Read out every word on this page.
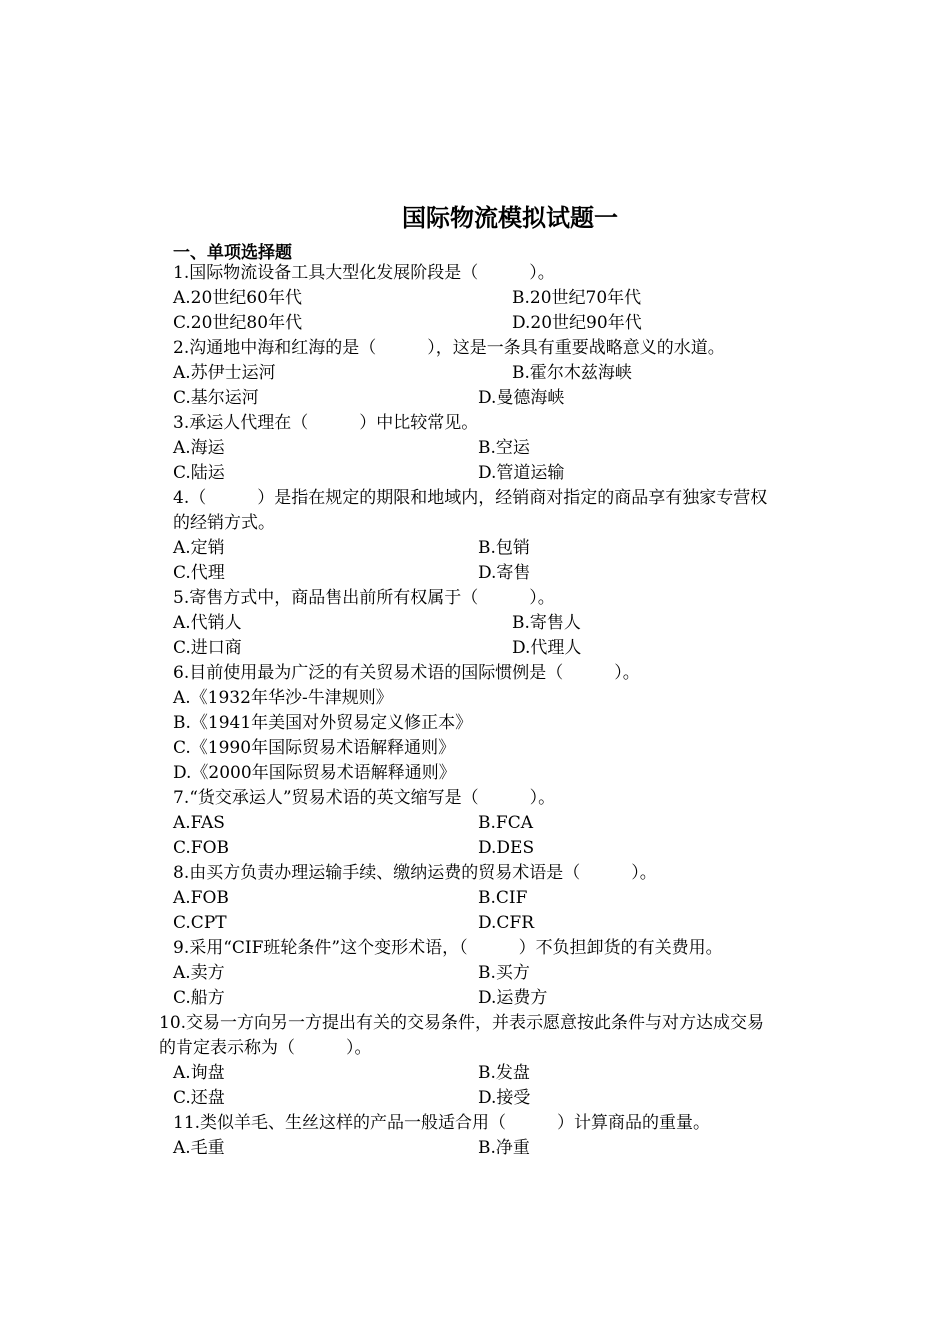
国际物流模拟试题一
一、单项选择题

1.国际物流设备工具大型化发展阶段是（　　　）。

A.20世纪60年代	B.20世纪70年代

C.20世纪80年代	D.20世纪90年代

2.沟通地中海和红海的是（　　　），这是一条具有重要战略意义的水道。

A.苏伊士运河	B.霍尔木兹海峡

C.基尔运河	D.曼德海峡

3.承运人代理在（　　　）中比较常见。

A.海运	B.空运

C.陆运	D.管道运输

4.（　　　）是指在规定的期限和地域内，经销商对指定的商品享有独家专营权

的经销方式。

A.定销	B.包销

C.代理	D.寄售

5.寄售方式中，商品售出前所有权属于（　　　）。

A.代销人	B.寄售人

C.进口商	D.代理人

6.目前使用最为广泛的有关贸易术语的国际惯例是（　　　）。

A.《1932年华沙-牛津规则》

B.《1941年美国对外贸易定义修正本》

C.《1990年国际贸易术语解释通则》

D.《2000年国际贸易术语解释通则》

7.“货交承运人”贸易术语的英文缩写是（　　　）。

A.FAS	B.FCA

C.FOB	D.DES

8.由买方负责办理运输手续、缴纳运费的贸易术语是（　　　）。

A.FOB	B.CIF

C.CPT	D.CFR

9.采用“CIF班轮条件”这个变形术语，（　　　）不负担卸货的有关费用。

A.卖方	B.买方

C.船方	D.运费方

10.交易一方向另一方提出有关的交易条件，并表示愿意按此条件与对方达成交易

的肯定表示称为（　　　）。

A.询盘	B.发盘

C.还盘	D.接受

11.类似羊毛、生丝这样的产品一般适合用（　　　）计算商品的重量。

A.毛重	B.净重
